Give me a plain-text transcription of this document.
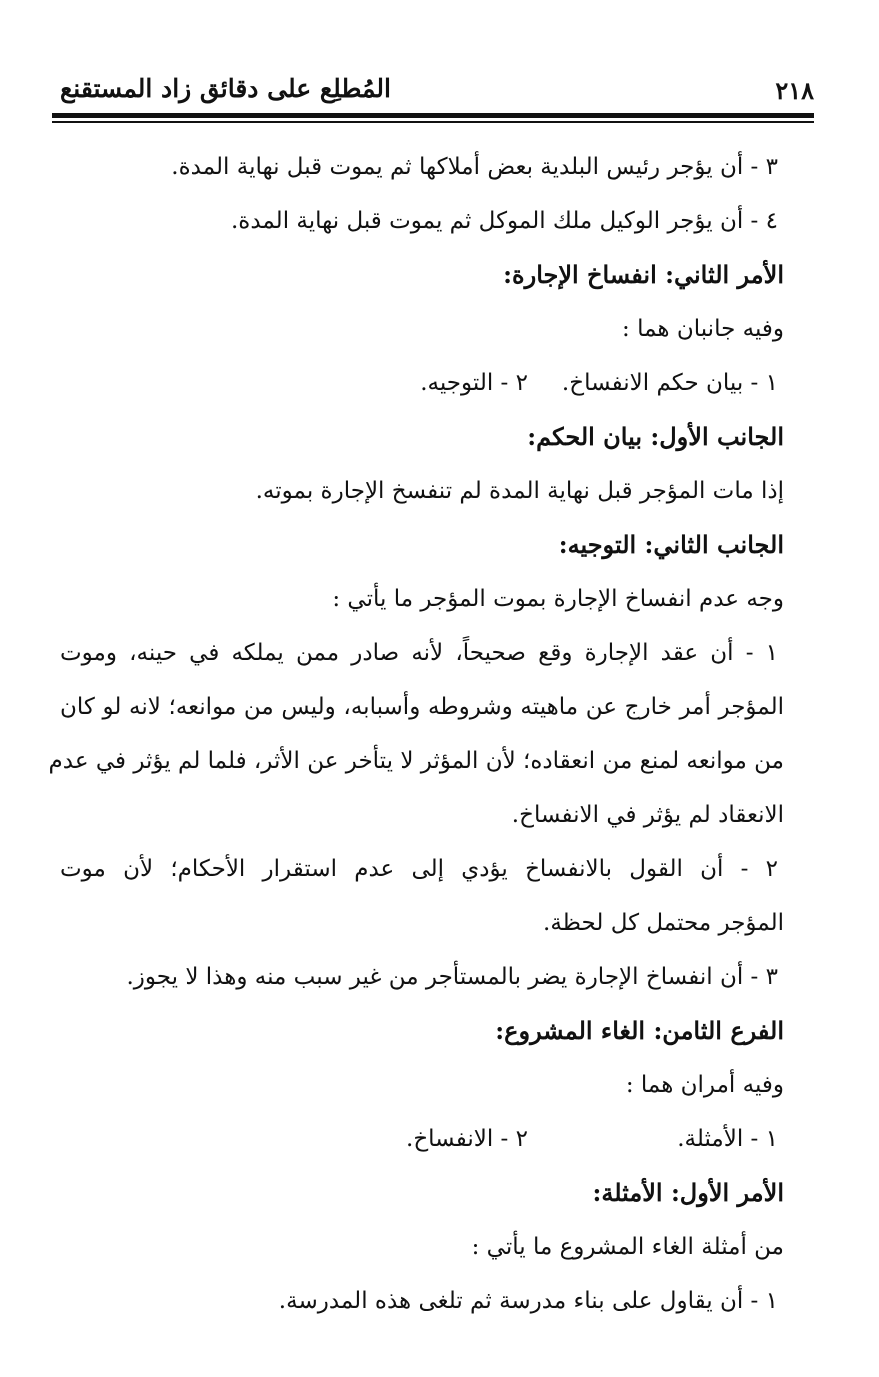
٢١٨
المُطلِع على دقائق زاد المستقنع
٣ - أن يؤجر رئيس البلدية بعض أملاكها ثم يموت قبل نهاية المدة.
٤ - أن يؤجر الوكيل ملك الموكل ثم يموت قبل نهاية المدة.
الأمر الثاني: انفساخ الإجارة:
وفيه جانبان هما :
١ - بيان حكم الانفساخ.
٢ - التوجيه.
الجانب الأول: بيان الحكم:
إذا مات المؤجر قبل نهاية المدة لم تنفسخ الإجارة بموته.
الجانب الثاني: التوجيه:
وجه عدم انفساخ الإجارة بموت المؤجر ما يأتي :
١ - أن عقد الإجارة وقع صحيحاً، لأنه صادر ممن يملكه في حينه، وموت
المؤجر أمر خارج عن ماهيته وشروطه وأسبابه، وليس من موانعه؛ لانه لو كان
من موانعه لمنع من انعقاده؛ لأن المؤثر لا يتأخر عن الأثر، فلما لم يؤثر في عدم
الانعقاد لم يؤثر في الانفساخ.
٢ - أن القول بالانفساخ يؤدي إلى عدم استقرار الأحكام؛ لأن موت
المؤجر محتمل كل لحظة.
٣ - أن انفساخ الإجارة يضر بالمستأجر من غير سبب منه وهذا لا يجوز.
الفرع الثامن: الغاء المشروع:
وفيه أمران هما :
١ - الأمثلة.
٢ - الانفساخ.
الأمر الأول: الأمثلة:
من أمثلة الغاء المشروع ما يأتي :
١ - أن يقاول على بناء مدرسة ثم تلغى هذه المدرسة.
